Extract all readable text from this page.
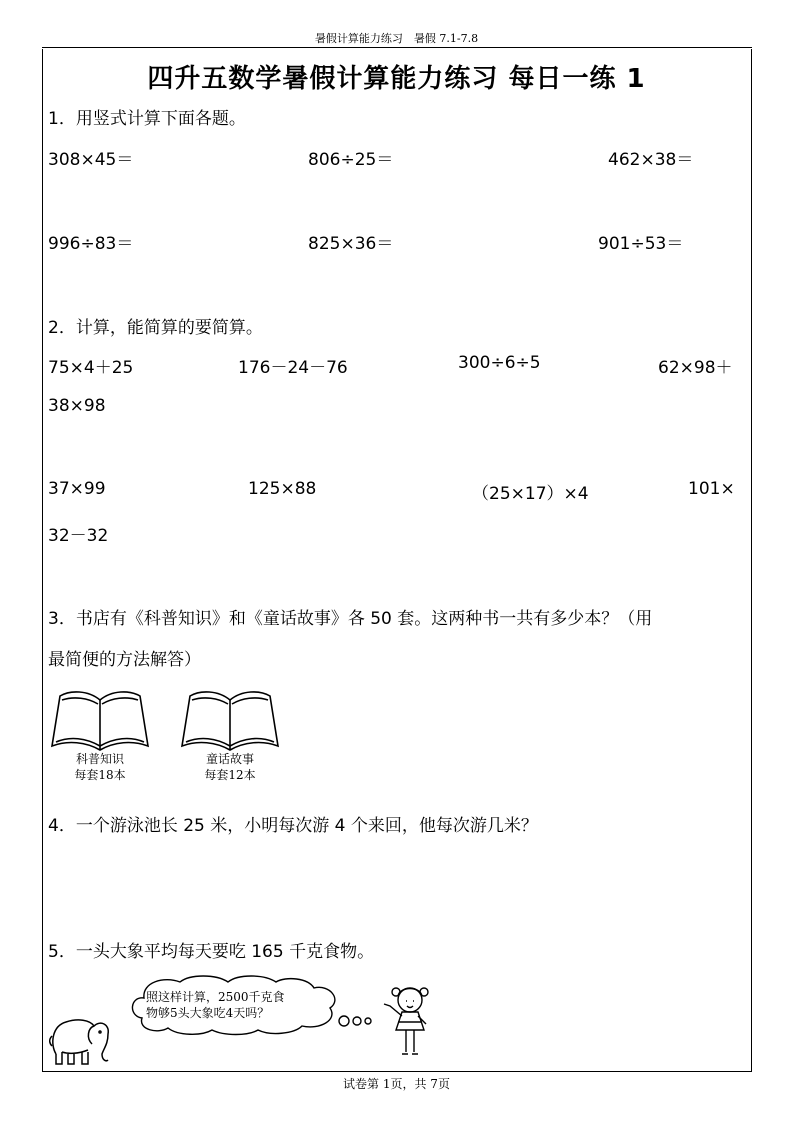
暑假计算能力练习　暑假 7.1-7.8
四升五数学暑假计算能力练习 每日一练 1
1．用竖式计算下面各题。
308×45＝	806÷25＝	462×38＝
996÷83＝	825×36＝	901÷53＝
2．计算，能简算的要简算。
75×4＋25	176－24－76	300÷6÷5	62×98＋
38×98
37×99	125×88	（25×17）×4	101×
32－32
3．书店有《科普知识》和《童话故事》各 50 套。这两种书一共有多少本？（用
最简便的方法解答）
科普知识
每套18本
童话故事
每套12本
4．一个游泳池长 25 米，小明每次游 4 个来回，他每次游几米？
5．一头大象平均每天要吃 165 千克食物。
照这样计算，2500千克食
物够5头大象吃4天吗？
试卷第 1页，共 7页
